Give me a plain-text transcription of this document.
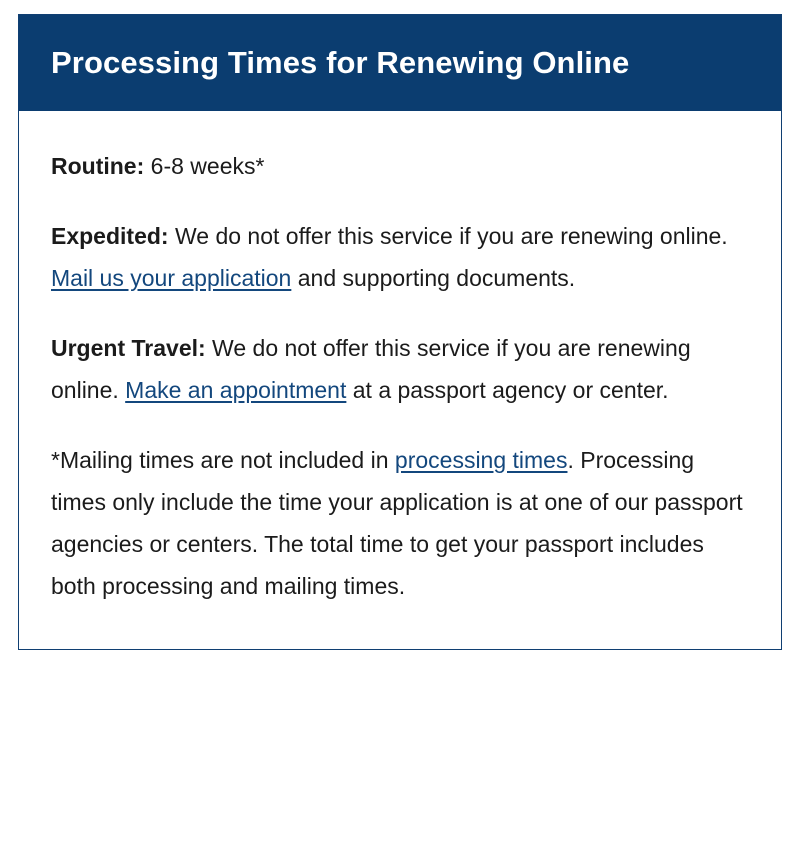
Processing Times for Renewing Online

Routine: 6-8 weeks*

Expedited: We do not offer this service if you are renewing online. Mail us your application and supporting documents.

Urgent Travel: We do not offer this service if you are renewing online. Make an appointment at a passport agency or center.

*Mailing times are not included in processing times. Processing times only include the time your application is at one of our passport agencies or centers. The total time to get your passport includes both processing and mailing times.
